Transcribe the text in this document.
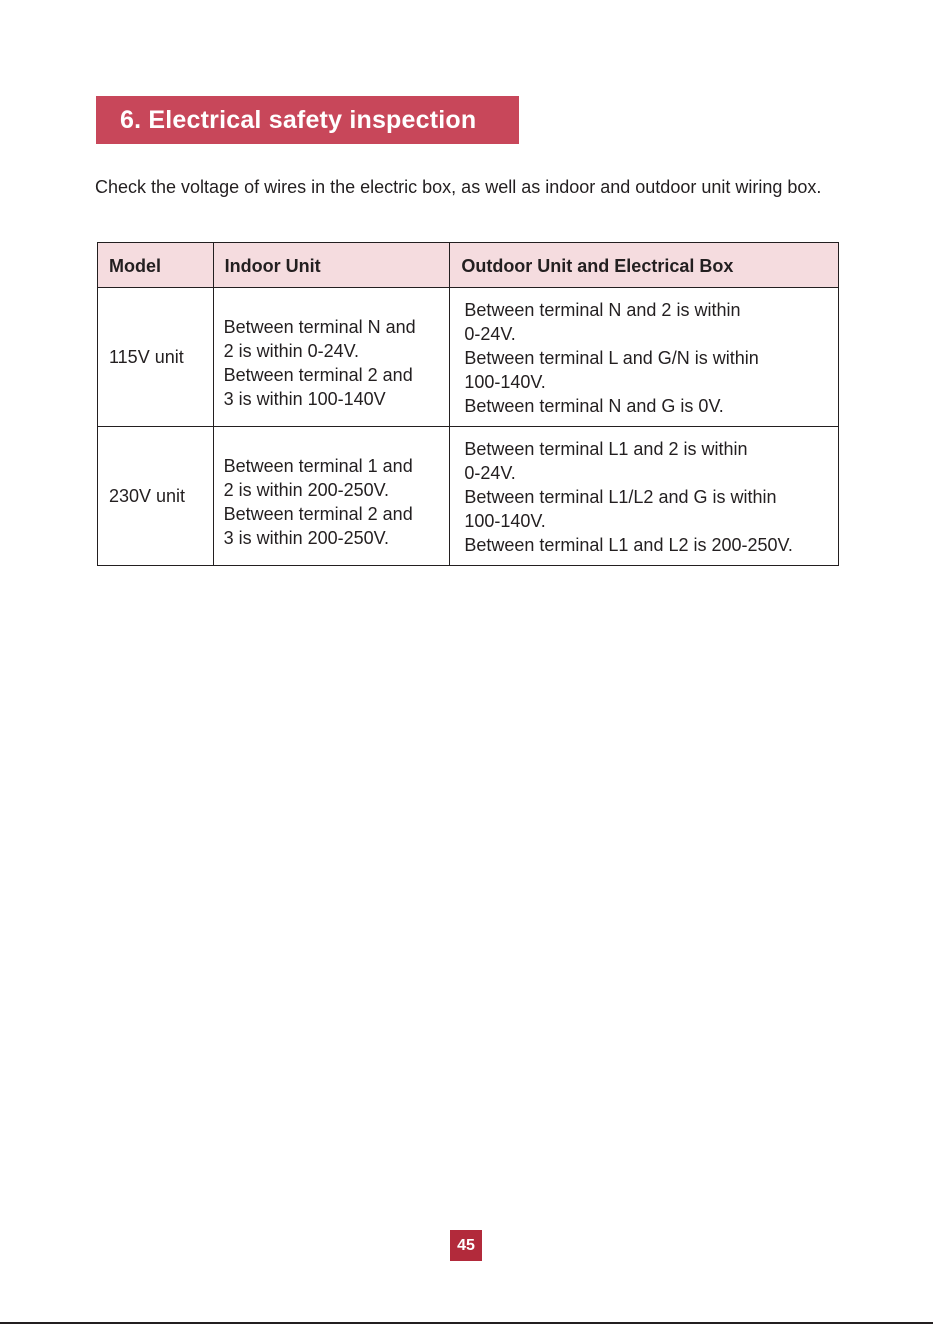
6. Electrical safety inspection

Check the voltage of wires in the electric box, as well as indoor and outdoor unit wiring box.

Model	Indoor Unit	Outdoor Unit and Electrical Box
115V unit	Between terminal N and
2 is within 0-24V.
Between terminal 2 and
3 is within 100-140V	Between terminal N and 2 is within
0-24V.
Between terminal L and G/N is within
100-140V.
Between terminal N and G is 0V.

230V unit	Between terminal 1 and
2 is within 200-250V.
Between terminal 2 and
3 is within 200-250V.	Between terminal L1 and 2 is within
0-24V.
Between terminal L1/L2 and G is within
100-140V.
Between terminal L1 and L2 is 200-250V.
45
